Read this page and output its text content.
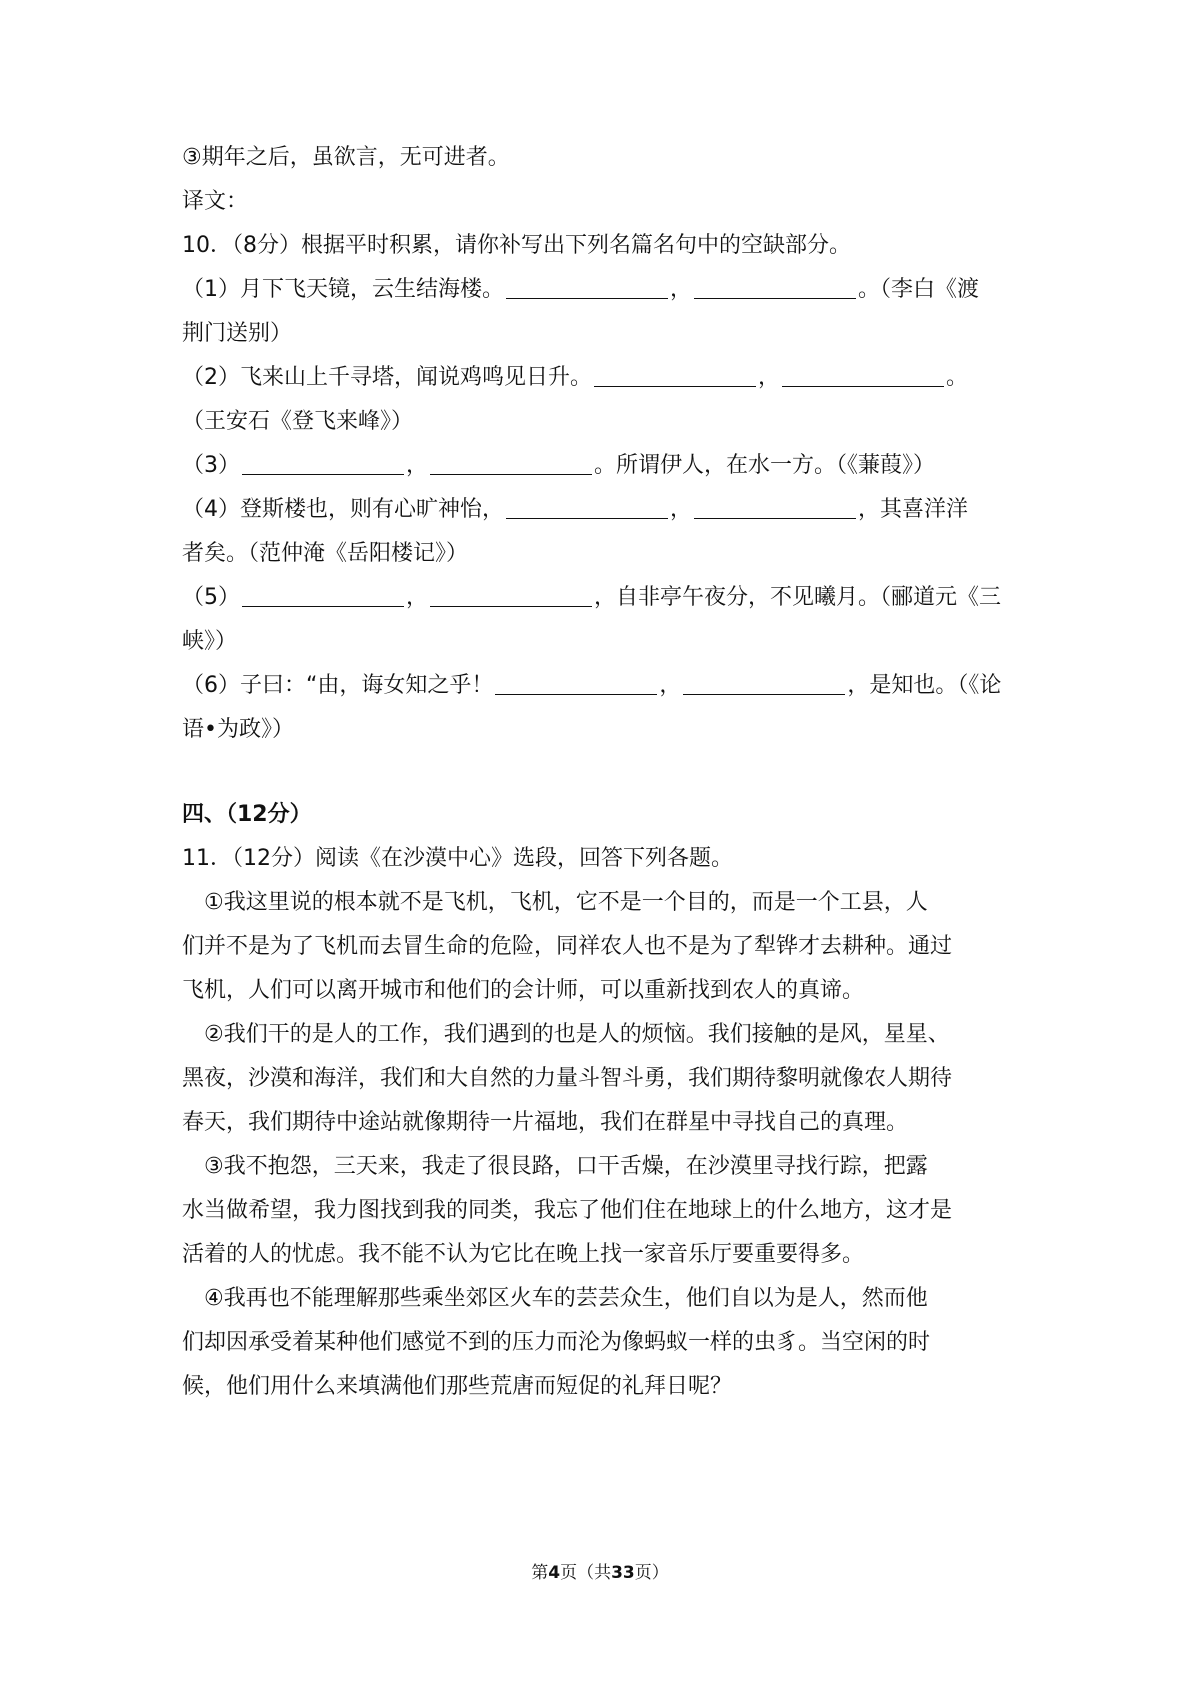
③期年之后，虽欲言，无可进者。
译文：
10．（8分）根据平时积累，请你补写出下列名篇名句中的空缺部分。
（1）月下飞天镜，云生结海楼。	，	。（李白《渡
荆门送别）
（2）飞来山上千寻塔，闻说鸡鸣见日升。	，	。
（王安石《登飞来峰》）
（3）	，	。所谓伊人，在水一方。（《蒹葭》）
（4）登斯楼也，则有心旷神怡，	，	，其喜洋洋
者矣。（范仲淹《岳阳楼记》）
（5）	，	，自非亭午夜分，不见曦月。（郦道元《三
峡》）
（6）子曰：“由，诲女知之乎！	，	，是知也。（《论
语•为政》）
四、（12分）
11．（12分）阅读《在沙漠中心》选段，回答下列各题。
①我这里说的根本就不是飞机，飞机，它不是一个目的，而是一个工县，人
们并不是为了飞机而去冒生命的危险，同祥农人也不是为了犁铧才去耕种。通过
飞机，人们可以离开城市和他们的会计师，可以重新找到农人的真谛。
②我们干的是人的工作，我们遇到的也是人的烦恼。我们接触的是风，星星、
黑夜，沙漠和海洋，我们和大自然的力量斗智斗勇，我们期待黎明就像农人期待
春天，我们期待中途站就像期待一片福地，我们在群星中寻找自己的真理。
③我不抱怨，三天来，我走了很艮路，口干舌燥，在沙漠里寻找行踪，把露
水当做希望，我力图找到我的同类，我忘了他们住在地球上的什么地方，这才是
活着的人的忧虑。我不能不认为它比在晚上找一家音乐厅要重要得多。
④我再也不能理解那些乘坐郊区火车的芸芸众生，他们自以为是人，然而他
们却因承受着某种他们感觉不到的压力而沦为像蚂蚁一样的虫豸。当空闲的时
候，他们用什么来填满他们那些荒唐而短促的礼拜日呢？
第4页（共33页）
